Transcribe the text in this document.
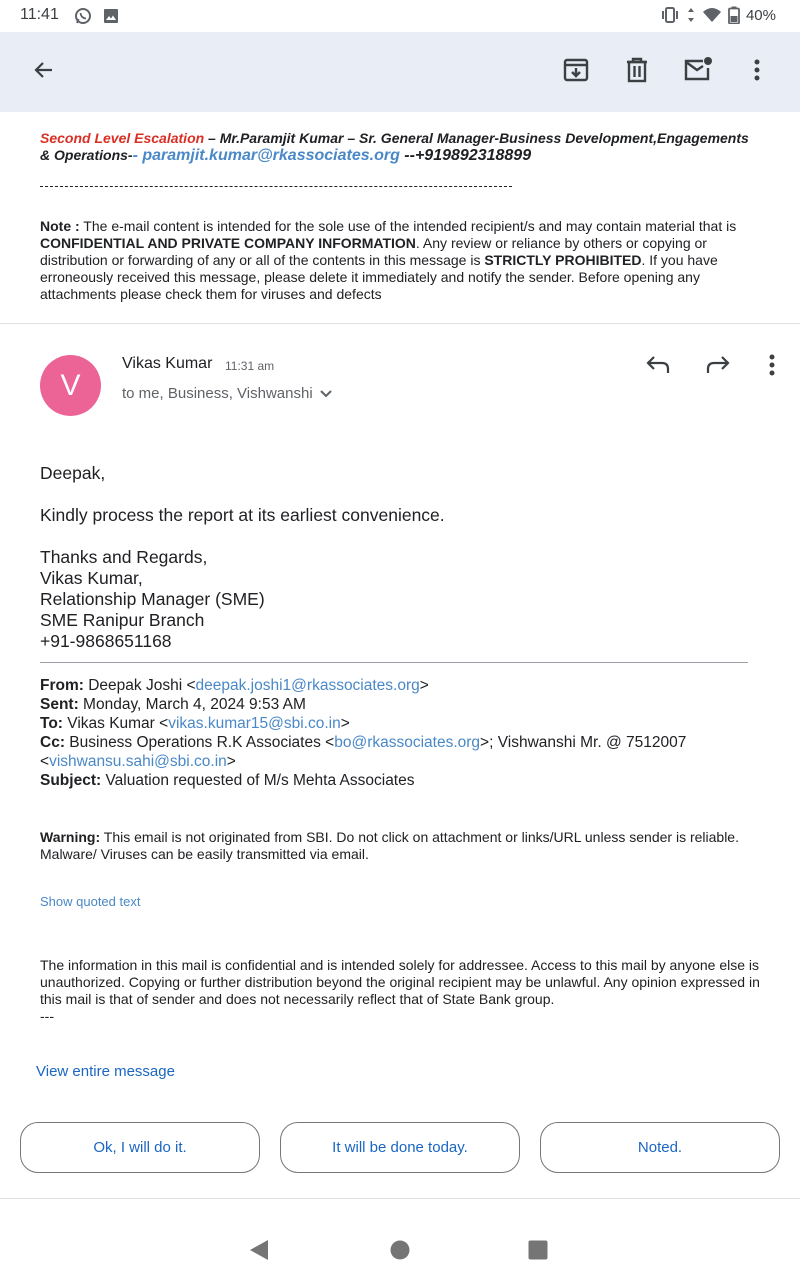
11:41	40%
Second Level Escalation – Mr.Paramjit Kumar – Sr. General Manager-Business Development,Engagements & Operations-- paramjit.kumar@rkassociates.org --+919892318899
Note : The e-mail content is intended for the sole use of the intended recipient/s and may contain material that is CONFIDENTIAL AND PRIVATE COMPANY INFORMATION. Any review or reliance by others or copying or distribution or forwarding of any or all of the contents in this message is STRICTLY PROHIBITED. If you have erroneously received this message, please delete it immediately and notify the sender. Before opening any attachments please check them for viruses and defects
V
Vikas Kumar 11:31 am
to me, Business, Vishwanshi

Deepak,

Kindly process the report at its earliest convenience.

Thanks and Regards,

Vikas Kumar,

Relationship Manager (SME)

SME Ranipur Branch

+91-9868651168

From: Deepak Joshi <deepak.joshi1@rkassociates.org>
Sent: Monday, March 4, 2024 9:53 AM
To: Vikas Kumar <vikas.kumar15@sbi.co.in>
Cc: Business Operations R.K Associates <bo@rkassociates.org>; Vishwanshi Mr. @ 7512007 <vishwansu.sahi@sbi.co.in>
Subject: Valuation requested of M/s Mehta Associates
Warning: This email is not originated from SBI. Do not click on attachment or links/URL unless sender is reliable. Malware/ Viruses can be easily transmitted via email.
Show quoted text
The information in this mail is confidential and is intended solely for addressee. Access to this mail by anyone else is unauthorized. Copying or further distribution beyond the original recipient may be unlawful. Any opinion expressed in this mail is that of sender and does not necessarily reflect that of State Bank group.
---
View entire message
Ok, I will do it.	It will be done today.	Noted.
